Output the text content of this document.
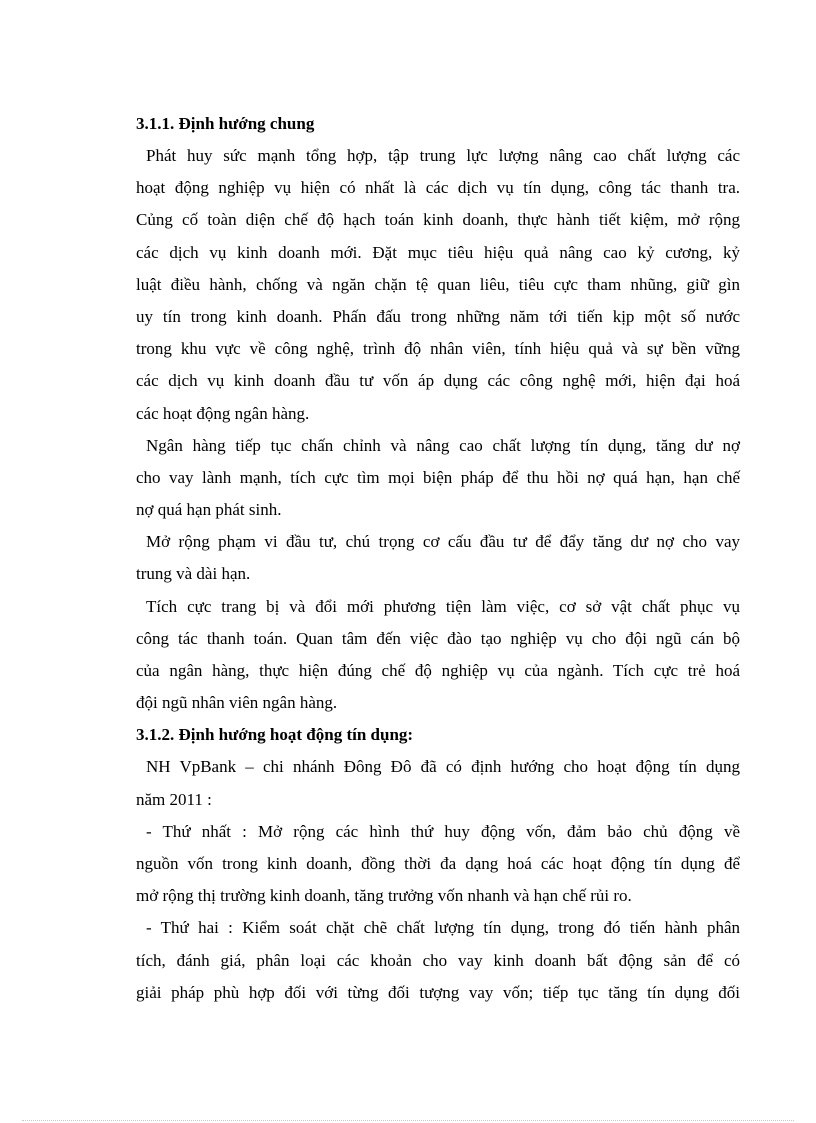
3.1.1. Định hướng chung
Phát huy sức mạnh tổng hợp, tập trung lực lượng nâng cao chất lượng các
hoạt động nghiệp vụ hiện có nhất là các dịch vụ tín dụng, công tác thanh tra.
Củng cố toàn diện chế độ hạch toán kinh doanh, thực hành tiết kiệm, mở rộng
các dịch vụ kinh doanh mới. Đặt mục tiêu hiệu quả nâng cao kỷ cương, kỷ
luật điều hành, chống và ngăn chặn tệ quan liêu, tiêu cực tham nhũng, giữ gìn
uy tín trong kinh doanh. Phấn đấu trong những năm tới tiến kịp một số nước
trong khu vực về công nghệ, trình độ nhân viên, tính hiệu quả và sự bền vững
các dịch vụ kinh doanh đầu tư vốn áp dụng các công nghệ mới, hiện đại hoá
các hoạt động ngân hàng.
Ngân hàng tiếp tục chấn chỉnh và nâng cao chất lượng tín dụng, tăng dư nợ
cho vay lành mạnh, tích cực tìm mọi biện pháp để thu hồi nợ quá hạn, hạn chế
nợ quá hạn phát sinh.
Mở rộng phạm vi đầu tư, chú trọng cơ cấu đầu tư để đẩy tăng dư nợ cho vay
trung và dài hạn.
Tích cực trang bị và đổi mới phương tiện làm việc, cơ sở vật chất phục vụ
công tác thanh toán. Quan tâm đến việc đào tạo nghiệp vụ cho đội ngũ cán bộ
của ngân hàng, thực hiện đúng chế độ nghiệp vụ của ngành. Tích cực trẻ hoá
đội ngũ nhân viên ngân hàng.
3.1.2. Định hướng hoạt động tín dụng:
NH VpBank – chi nhánh Đông Đô đã có định hướng cho hoạt động tín dụng
năm 2011 :
- Thứ nhất : Mở rộng các hình thứ huy động vốn, đảm bảo chủ động về
nguồn vốn trong kinh doanh, đồng thời đa dạng hoá các hoạt động tín dụng để
mở rộng thị trường kinh doanh, tăng trưởng vốn nhanh và hạn chế rủi ro.
- Thứ hai : Kiểm soát chặt chẽ chất lượng tín dụng, trong đó tiến hành phân
tích, đánh giá, phân loại các khoản cho vay kinh doanh bất động sản để có
giải pháp phù hợp đối với từng đối tượng vay vốn; tiếp tục tăng tín dụng đối
